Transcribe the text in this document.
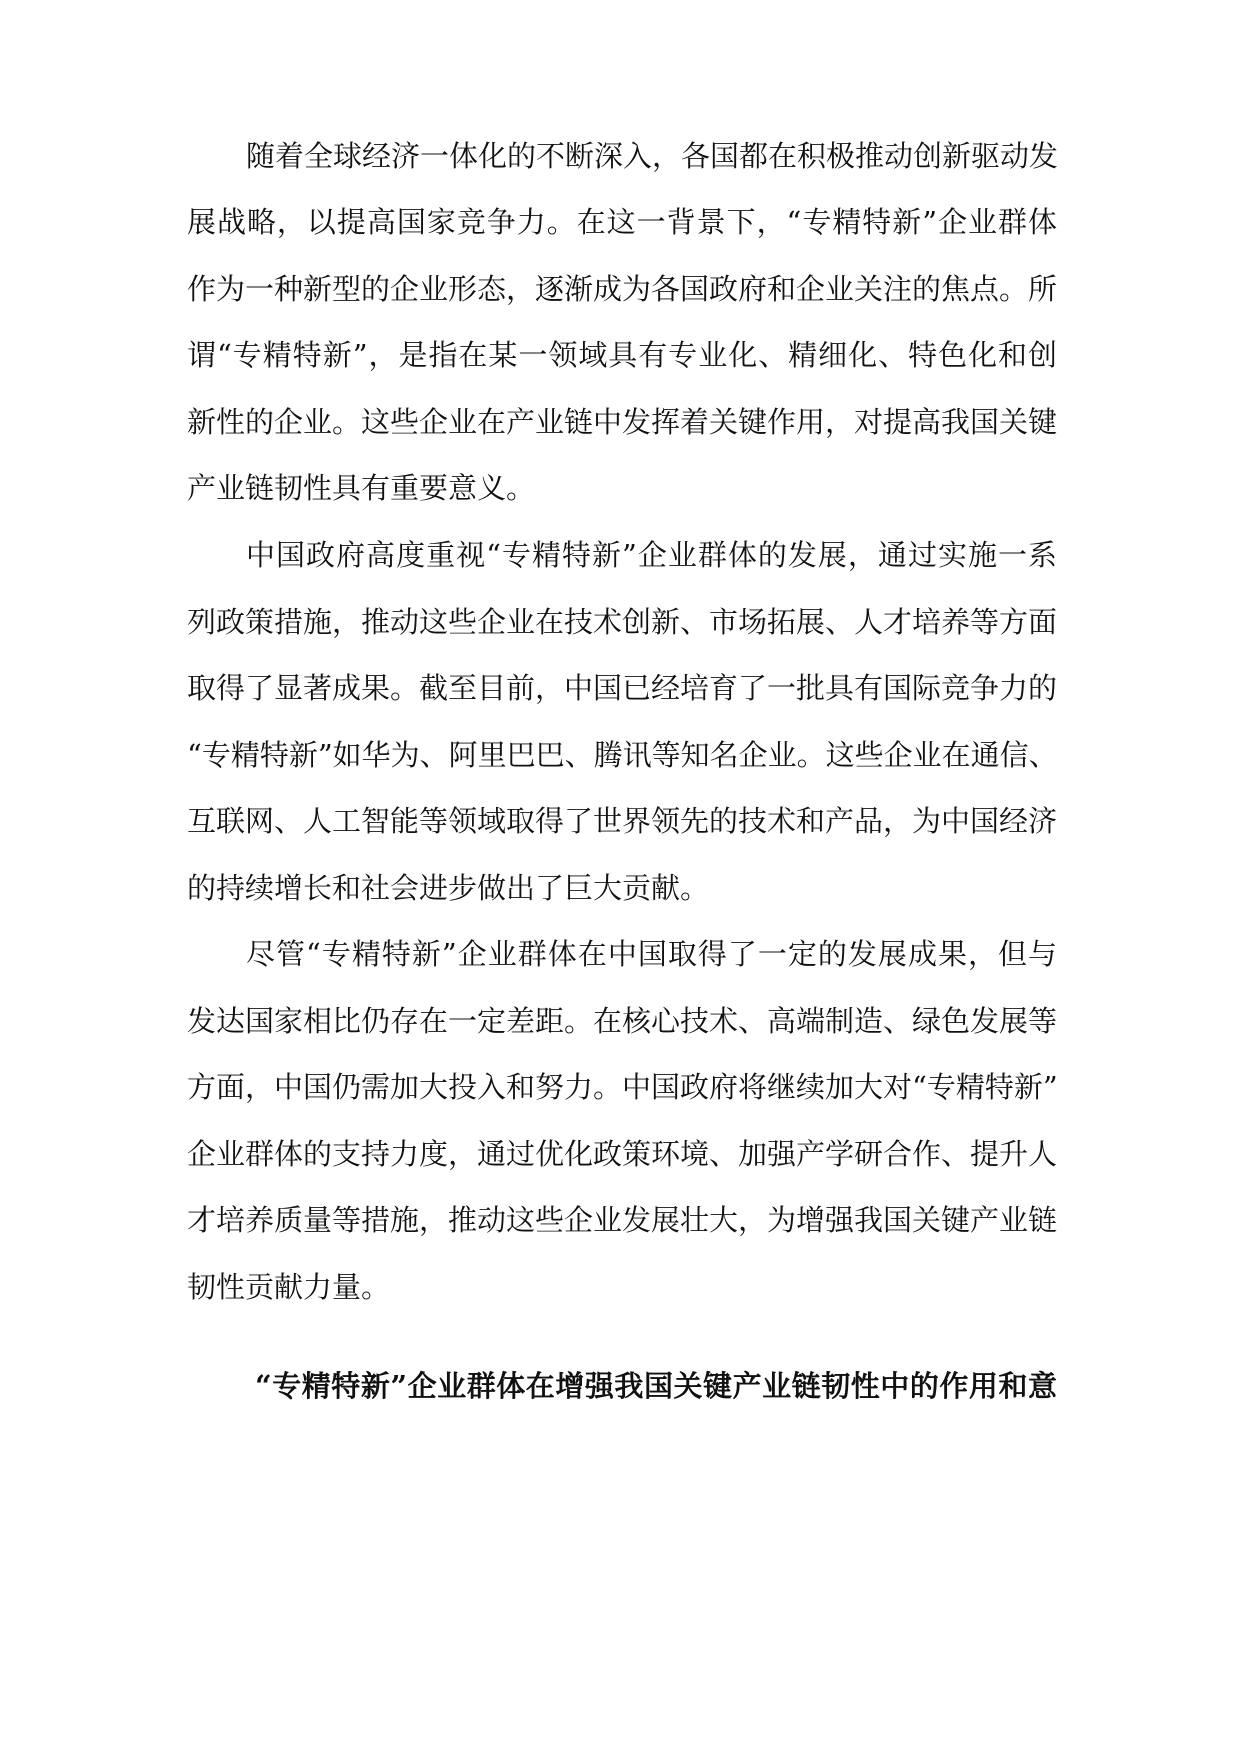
随着全球经济一体化的不断深入，各国都在积极推动创新驱动发
展战略，以提高国家竞争力。在这一背景下，“专精特新”企业群体
作为一种新型的企业形态，逐渐成为各国政府和企业关注的焦点。所
谓“专精特新”，是指在某一领域具有专业化、精细化、特色化和创
新性的企业。这些企业在产业链中发挥着关键作用，对提高我国关键
产业链韧性具有重要意义。
中国政府高度重视“专精特新”企业群体的发展，通过实施一系
列政策措施，推动这些企业在技术创新、市场拓展、人才培养等方面
取得了显著成果。截至目前，中国已经培育了一批具有国际竞争力的
“专精特新”如华为、阿里巴巴、腾讯等知名企业。这些企业在通信、
互联网、人工智能等领域取得了世界领先的技术和产品，为中国经济
的持续增长和社会进步做出了巨大贡献。
尽管“专精特新”企业群体在中国取得了一定的发展成果，但与
发达国家相比仍存在一定差距。在核心技术、高端制造、绿色发展等
方面，中国仍需加大投入和努力。中国政府将继续加大对“专精特新”
企业群体的支持力度，通过优化政策环境、加强产学研合作、提升人
才培养质量等措施，推动这些企业发展壮大，为增强我国关键产业链
韧性贡献力量。
“专精特新”企业群体在增强我国关键产业链韧性中的作用和意
